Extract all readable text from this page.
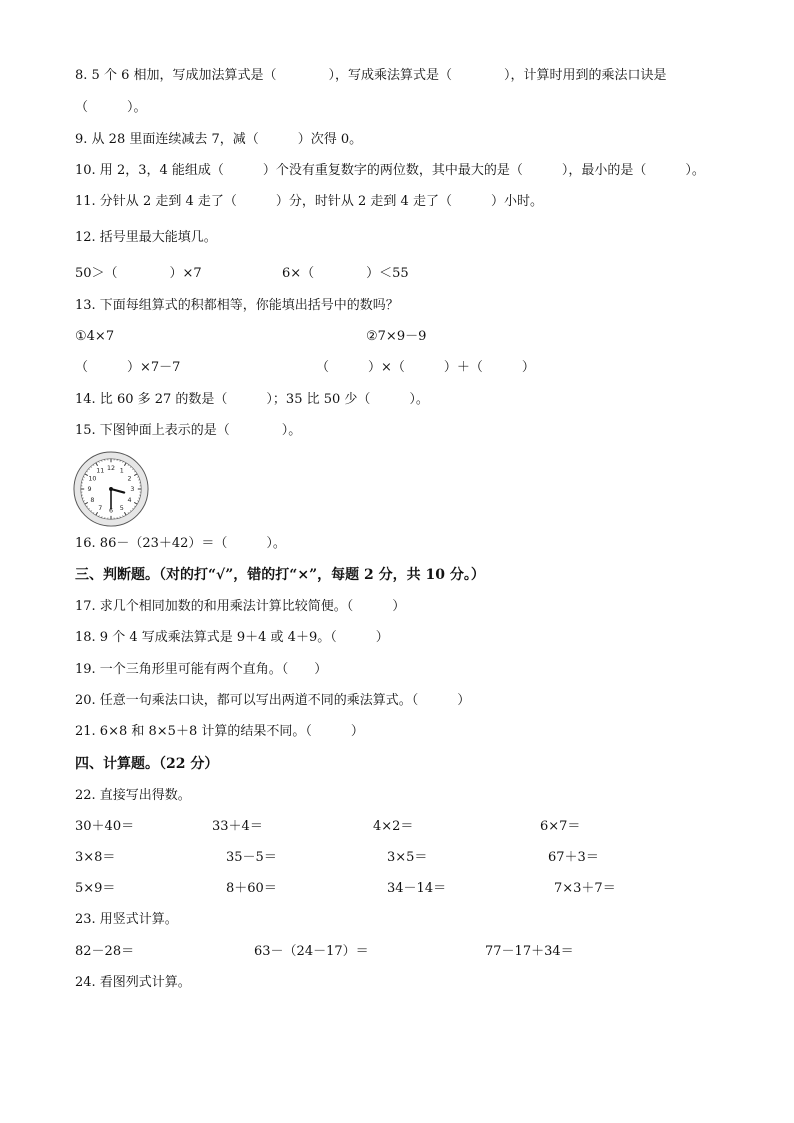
8. 5 个 6 相加，写成加法算式是（　　　　），写成乘法算式是（　　　　），计算时用到的乘法口诀是
（　　　）。
9. 从 28 里面连续减去 7，减（　　　）次得 0。
10. 用 2，3，4 能组成（　　　）个没有重复数字的两位数，其中最大的是（　　　），最小的是（　　　）。
11. 分针从 2 走到 4 走了（　　　）分，时针从 2 走到 4 走了（　　　）小时。
12. 括号里最大能填几。
50＞（　　　　）×7	6×（　　　　）＜55
13. 下面每组算式的积都相等，你能填出括号中的数吗？
①4×7	②7×9－9
（　　　）×7－7	（　　　）×（　　　）＋（　　　）
14. 比 60 多 27 的数是（　　　）；35 比 50 少（　　　）。
15. 下图钟面上表示的是（　　　　）。
1
2
3
4
5
6
7
8
9
10
11 12
16. 86－（23＋42）＝（　　　）。
三、判断题。（对的打“√”，错的打“×”，每题 2 分，共 10 分。）
17. 求几个相同加数的和用乘法计算比较简便。（　　　）
18. 9 个 4 写成乘法算式是 9＋4 或 4＋9。（　　　）
19. 一个三角形里可能有两个直角。（　　）
20. 任意一句乘法口诀，都可以写出两道不同的乘法算式。（　　　）
21. 6×8 和 8×5＋8 计算的结果不同。（　　　）
四、计算题。（22 分）
22. 直接写出得数。
30＋40＝	33＋4＝	4×2＝	6×7＝
3×8＝	35－5＝	3×5＝	67＋3＝
5×9＝	8＋60＝	34－14＝	7×3＋7＝
23. 用竖式计算。
82－28＝	63－（24－17）＝	77－17＋34＝
24. 看图列式计算。
